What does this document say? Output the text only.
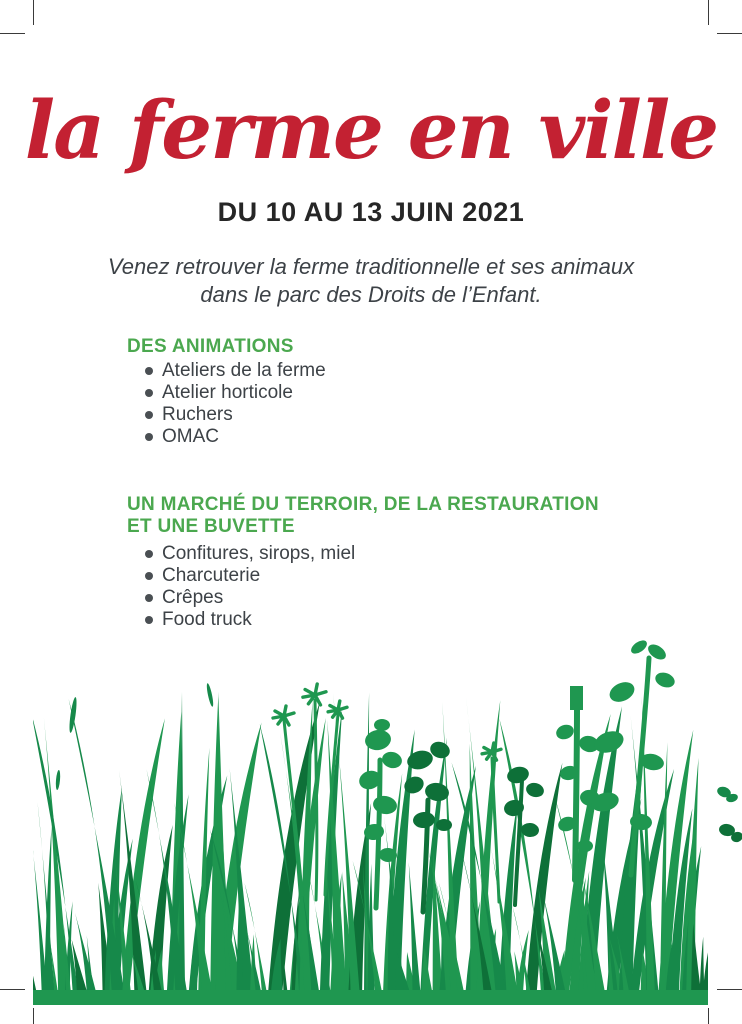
la ferme en ville
DU 10 AU 13 JUIN 2021

Venez retrouver la ferme traditionnelle et ses animaux
dans le parc des Droits de l’Enfant.

DES ANIMATIONS
Ateliers de la ferme
Atelier horticole
Ruchers
OMAC
UN MARCHÉ DU TERROIR, DE LA RESTAURATION
ET UNE BUVETTE
Confitures, sirops, miel
Charcuterie
Crêpes
Food truck
